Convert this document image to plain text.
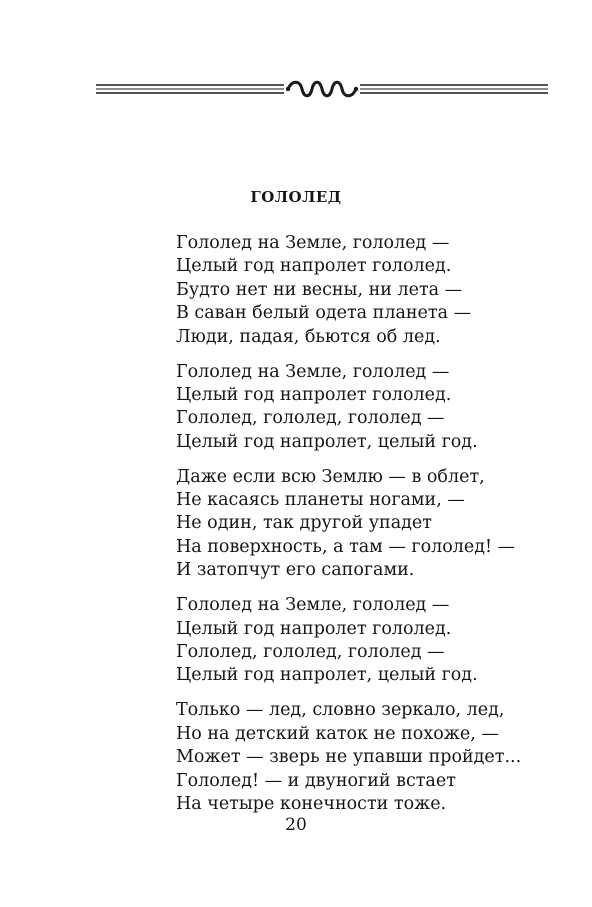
ГОЛОЛЕД
Гололед на Земле, гололед —
Целый год напролет гололед.
Будто нет ни весны, ни лета —
В саван белый одета планета —
Люди, падая, бьются об лед.
Гололед на Земле, гололед —
Целый год напролет гололед.
Гололед, гололед, гололед —
Целый год напролет, целый год.
Даже если всю Землю — в облет,
Не касаясь планеты ногами, —
Не один, так другой упадет
На поверхность, а там — гололед! —
И затопчут его сапогами.
Гололед на Земле, гололед —
Целый год напролет гололед.
Гололед, гололед, гололед —
Целый год напролет, целый год.
Только — лед, словно зеркало, лед,
Но на детский каток не похоже, —
Может — зверь не упавши пройдет...
Гололед! — и двуногий встает
На четыре конечности тоже.
20
